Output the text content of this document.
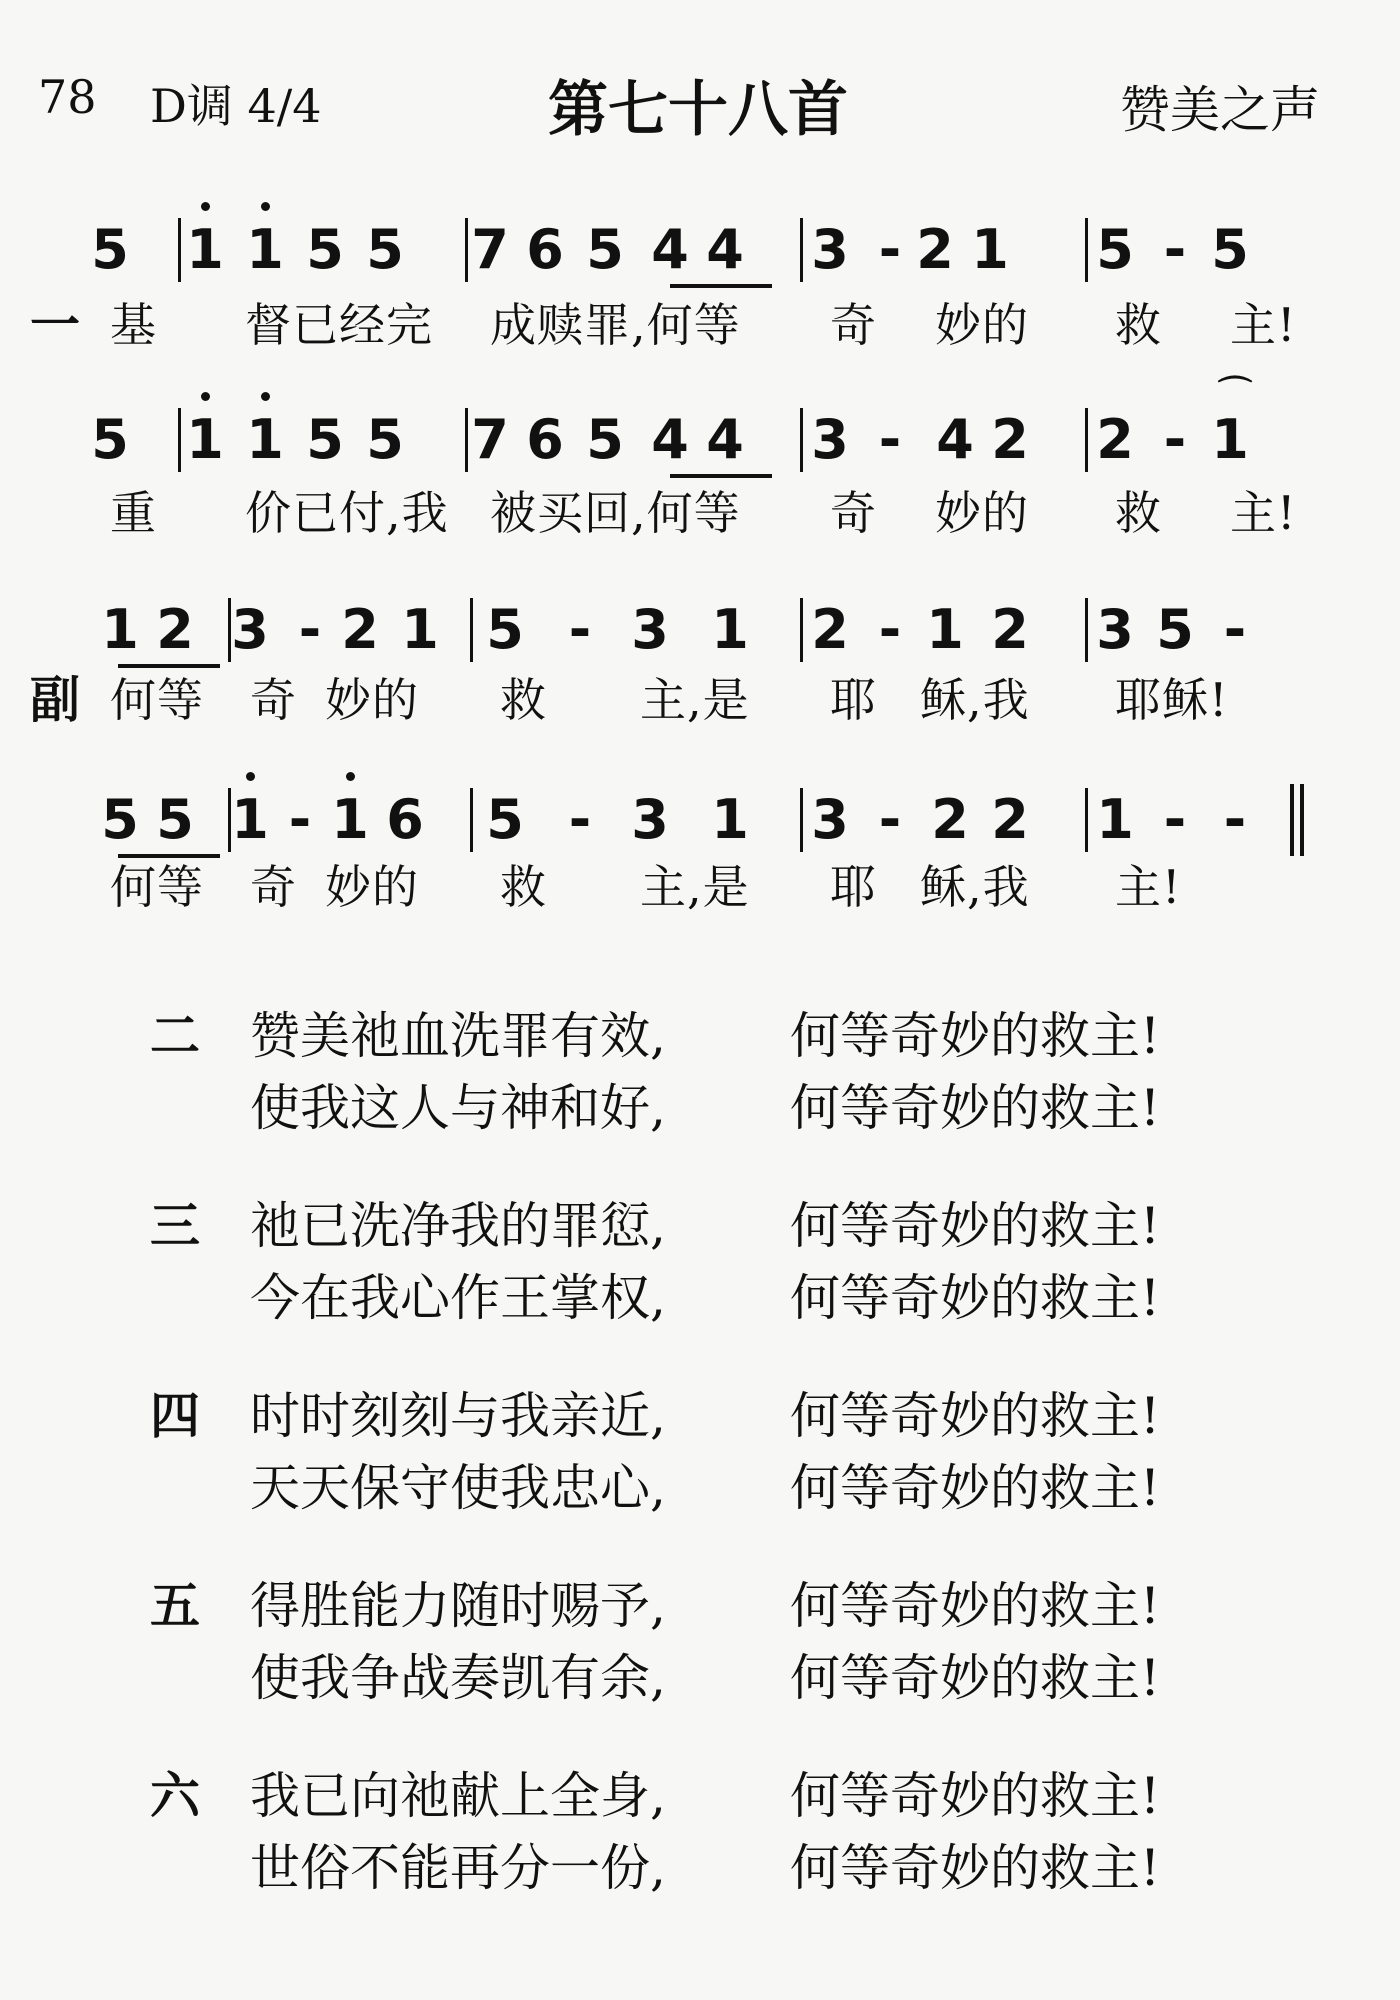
78 D调 4/4	第七十八首	赞美之声
5 1 1 5 5 7 6 5 4 4 3 - 2 1 5 - 5
一 基 督已经完 成赎罪,何等 奇 妙的 救 主!
5 1 1 5 5 7 6 5 4 4 3 - 4 2 2 - 1
⌒
重 价已付,我 被买回,何等 奇 妙的 救 主!
1 2 3 - 2 1 5 - 3 1 2 - 1 2 3 5 -
副 何等 奇 妙的 救 主,是 耶 稣,我 耶稣!
5 5 1 - 1 6 5 - 3 1 3 - 2 2 1 - -
何等 奇 妙的 救 主,是 耶 稣,我 主!
二 赞美祂血洗罪有效, 何等奇妙的救主!
使我这人与神和好, 何等奇妙的救主!
三 祂已洗净我的罪愆, 何等奇妙的救主!
今在我心作王掌权, 何等奇妙的救主!
四 时时刻刻与我亲近, 何等奇妙的救主!
天天保守使我忠心, 何等奇妙的救主!
五 得胜能力随时赐予, 何等奇妙的救主!
使我争战奏凯有余, 何等奇妙的救主!
六 我已向祂献上全身, 何等奇妙的救主!
世俗不能再分一份, 何等奇妙的救主!
